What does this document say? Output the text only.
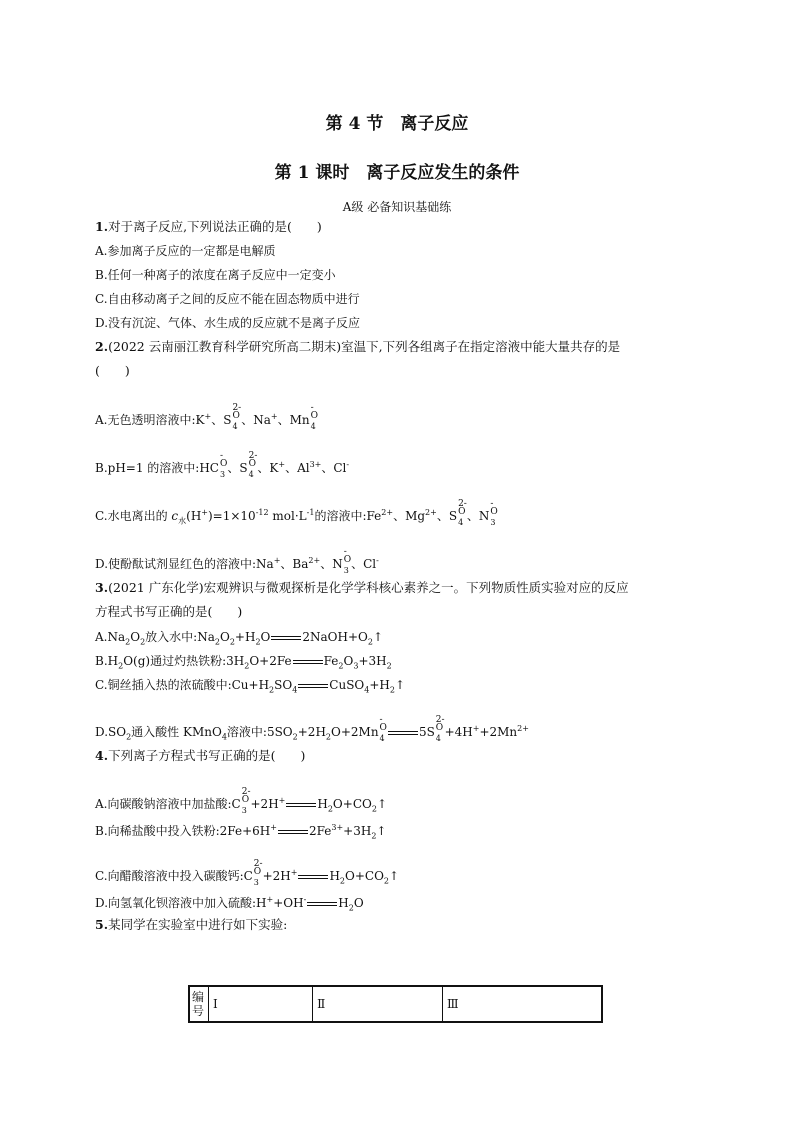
第 4 节　离子反应
第 1 课时　离子反应发生的条件
A级 必备知识基础练
1.对于离子反应,下列说法正确的是(　　)
A.参加离子反应的一定都是电解质
B.任何一种离子的浓度在离子反应中一定变小
C.自由移动离子之间的反应不能在固态物质中进行
D.没有沉淀、气体、水生成的反应就不是离子反应
2.(2022 云南丽江教育科学研究所高二期末)室温下,下列各组离子在指定溶液中能大量共存的是
(　　)
A.无色透明溶液中:K+、S
2-
O
$_4$ 、Na+、Mn
-
O
$_4$
B.pH=1 的溶液中:HC
-
O
$_3$ 、S
2-
O
$_4$ 、K+、$Al^{3+}$、Cl-
C.水电离出的 $c_水(H^+)=1\times 10^{-12}$ $mol\cdot L^{-1}$的溶液中$:Fe^{2+}$、$Mg^{2+}$、S
2-
O
$_4$ 、N
-
O
$_3$
D.使酚酞试剂显红色的溶液中:Na+、$Ba^{2+}$、N
-
O
$_3$ 、Cl-
3.(2021 广东化学)宏观辨识与微观探析是化学学科核心素养之一。下列物质性质实验对应的反应
方程式书写正确的是(　　)
$A.Na_2O_2$放入水中$:Na_2O_2+H_2O$	$2NaOH+O_2↑$
$B.H_2O(g)$通过灼热铁粉$:3H_2O+2Fe$	$Fe_2O_3+3H_2$
C.铜丝插入热的浓硫酸中$:Cu+H_2SO_4$	$CuSO_4+H_2↑$
$D.SO_2$通入酸性 KMnO$_4$溶液中$:5SO_2+2H_2O+2Mn$
-
O
$_4$	5S
2-
O
$_4 +4H^++2Mn^{2+}$
4.下列离子方程式书写正确的是(　　)
A.向碳酸钠溶液中加盐酸:C
2-
O
$_3$ +2H+	$H_2O+CO_2↑$
B.向稀盐酸中投入铁粉:2Fe+6H+	$2Fe^{3+}+3H_2↑$
C.向醋酸溶液中投入碳酸钙:C
2-
O
$_3$ +2H+	$H_2O+CO_2↑$
D.向氢氧化钡溶液中加入硫酸:H++OH-	$H_2O$
5.某同学在实验室中进行如下实验:
编号	Ⅰ	Ⅱ	Ⅲ
